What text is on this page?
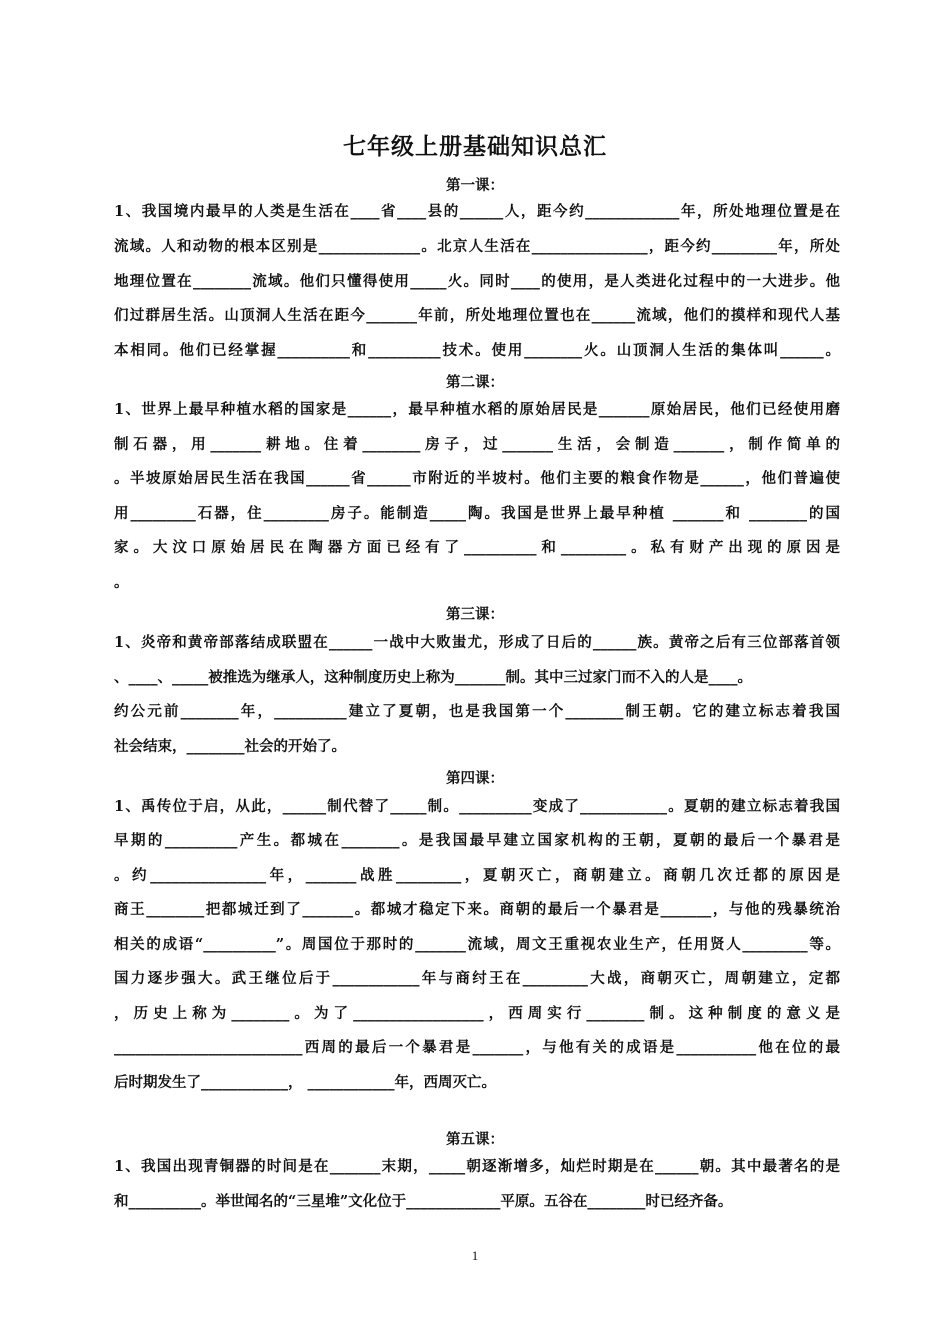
七年级上册基础知识总汇
第一课：
1、我国境内最早的人类是生活在____省____县的______人，距今约_____________年，所处地理位置是在
流域。人和动物的根本区别是______________。北京人生活在________________，距今约_________年，所处
地理位置在________流域。他们只懂得使用_____火。同时____的使用，是人类进化过程中的一大进步。他
们过群居生活。山顶洞人生活在距今_______年前，所处地理位置也在______流域，他们的摸样和现代人基
本相同。他们已经掌握__________和__________技术。使用________火。山顶洞人生活的集体叫______。
第二课：
1、世界上最早种植水稻的国家是______，最早种植水稻的原始居民是_______原始居民，他们已经使用磨
制石器，用_______耕地。住着________房子，过_______生活，会制造_______，制作简单的
。半坡原始居民生活在我国______省______市附近的半坡村。他们主要的粮食作物是______，他们普遍使
用_________石器，住_________房子。能制造_____陶。我国是世界上最早种植 _______和 ________的国
家。大汶口原始居民在陶器方面已经有了__________和_________。私有财产出现的原因是
。
第三课：
1、炎帝和黄帝部落结成联盟在______一战中大败蚩尤，形成了日后的______族。黄帝之后有三位部落首领
、____、_____被推选为继承人，这种制度历史上称为_______制。其中三过家门而不入的人是____。
约公元前________年，__________建立了夏朝，也是我国第一个________制王朝。它的建立标志着我国
社会结束，________社会的开始了。
第四课：
1、禹传位于启，从此，______制代替了_____制。__________变成了____________。夏朝的建立标志着我国
早期的__________产生。都城在________。是我国最早建立国家机构的王朝，夏朝的最后一个暴君是
。约________________年，_______战胜_________，夏朝灭亡，商朝建立。商朝几次迁都的原因是
商王________把都城迁到了_______。都城才稳定下来。商朝的最后一个暴君是_______，与他的残暴统治
相关的成语“__________”。周国位于那时的_______流域，周文王重视农业生产，任用贤人_________等。
国力逐步强大。武王继位后于____________年与商纣王在_________大战，商朝灭亡，周朝建立，定都
，历史上称为________。为了__________________，西周实行________制。这种制度的意义是
__________________________西周的最后一个暴君是_______，与他有关的成语是___________他在位的最
后时期发生了____________， ____________年，西周灭亡。
第五课：
1、我国出现青铜器的时间是在_______末期，_____朝逐渐增多，灿烂时期是在______朝。其中最著名的是
和__________。举世闻名的“三星堆”文化位于_____________平原。五谷在________时已经齐备。
1
